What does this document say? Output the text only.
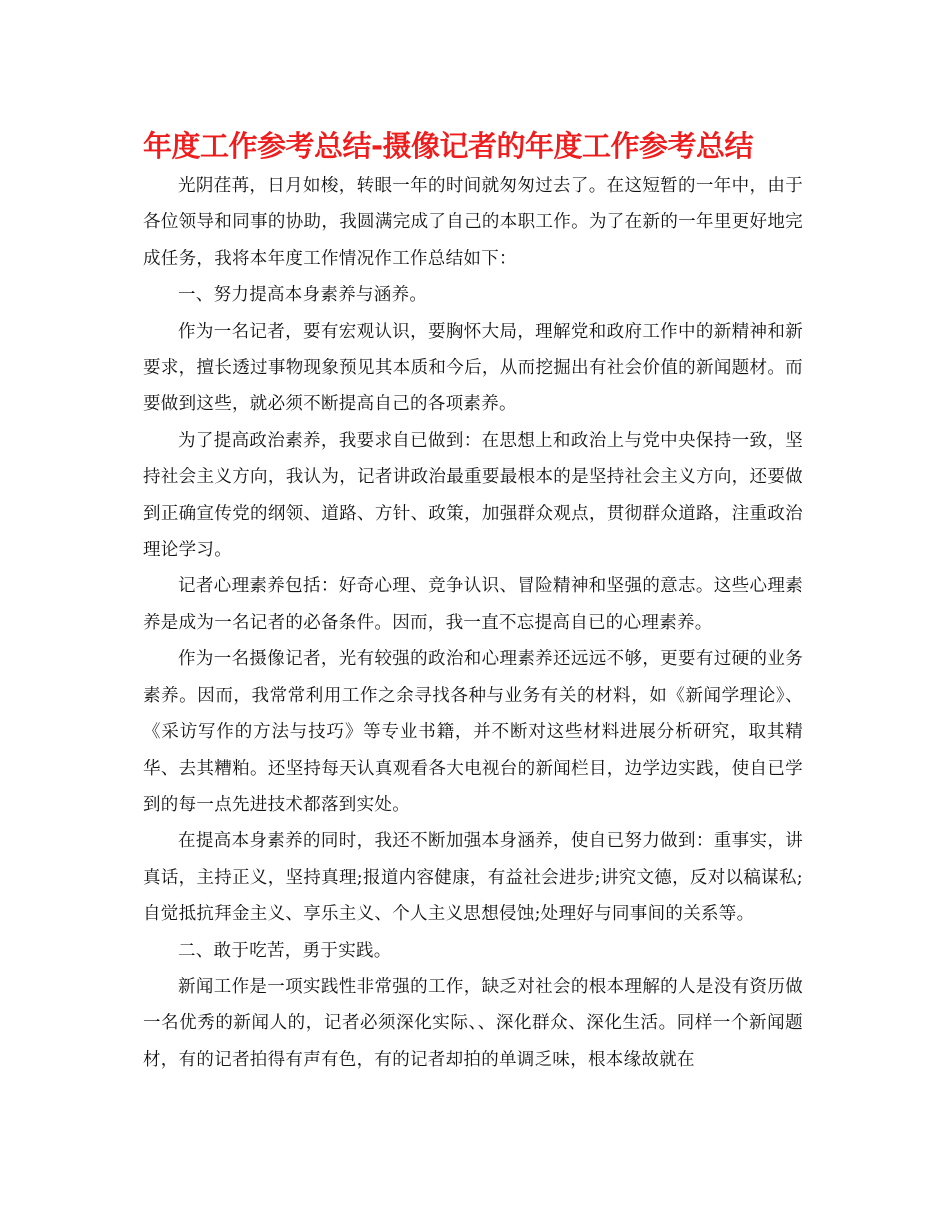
年度工作参考总结-摄像记者的年度工作参考总结

光阴荏苒，日月如梭，转眼一年的时间就匆匆过去了。在这短暂的一年中，由于各位领导和同事的协助，我圆满完成了自己的本职工作。为了在新的一年里更好地完成任务，我将本年度工作情况作工作总结如下：

一、努力提高本身素养与涵养。

作为一名记者，要有宏观认识，要胸怀大局，理解党和政府工作中的新精神和新要求，擅长透过事物现象预见其本质和今后，从而挖掘出有社会价值的新闻题材。而要做到这些，就必须不断提高自己的各项素养。

为了提高政治素养，我要求自已做到：在思想上和政治上与党中央保持一致，坚持社会主义方向，我认为，记者讲政治最重要最根本的是坚持社会主义方向，还要做到正确宣传党的纲领、道路、方针、政策，加强群众观点，贯彻群众道路，注重政治理论学习。

记者心理素养包括：好奇心理、竞争认识、冒险精神和坚强的意志。这些心理素养是成为一名记者的必备条件。因而，我一直不忘提高自已的心理素养。

作为一名摄像记者，光有较强的政治和心理素养还远远不够，更要有过硬的业务素养。因而，我常常利用工作之余寻找各种与业务有关的材料，如《新闻学理论》、《采访写作的方法与技巧》等专业书籍，并不断对这些材料进展分析研究，取其精华、去其糟粕。还坚持每天认真观看各大电视台的新闻栏目，边学边实践，使自已学到的每一点先进技术都落到实处。

在提高本身素养的同时，我还不断加强本身涵养，使自已努力做到：重事实，讲真话，主持正义，坚持真理;报道内容健康，有益社会进步;讲究文德，反对以稿谋私;自觉抵抗拜金主义、享乐主义、个人主义思想侵蚀;处理好与同事间的关系等。

二、敢于吃苦，勇于实践。

新闻工作是一项实践性非常强的工作，缺乏对社会的根本理解的人是没有资历做一名优秀的新闻人的，记者必须深化实际、、深化群众、深化生活。同样一个新闻题材，有的记者拍得有声有色，有的记者却拍的单调乏味，根本缘故就在
